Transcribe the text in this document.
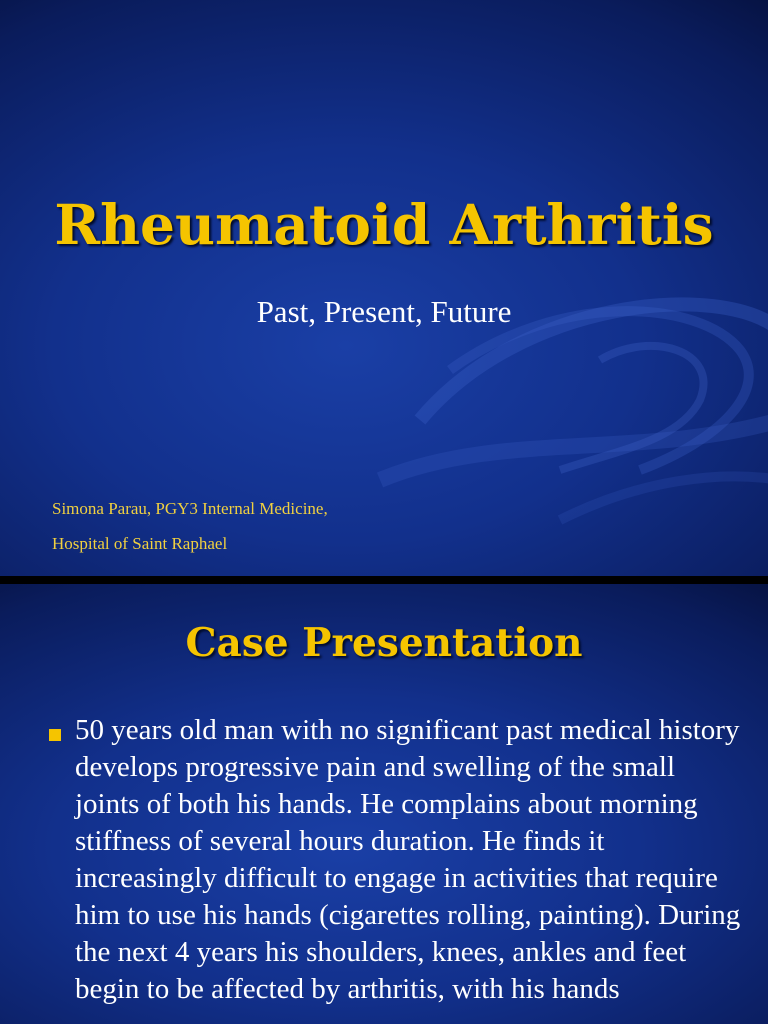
Rheumatoid Arthritis

Past, Present, Future

Simona Parau, PGY3 Internal Medicine,

Hospital of Saint Raphael

Case Presentation

50 years old man with no significant past medical history develops progressive pain and swelling of the small joints of both his hands. He complains about morning stiffness of several hours duration. He finds it increasingly difficult to engage in activities that require him to use his hands (cigarettes rolling, painting). During the next 4 years his shoulders, knees, ankles and feet begin to be affected by arthritis, with his hands
